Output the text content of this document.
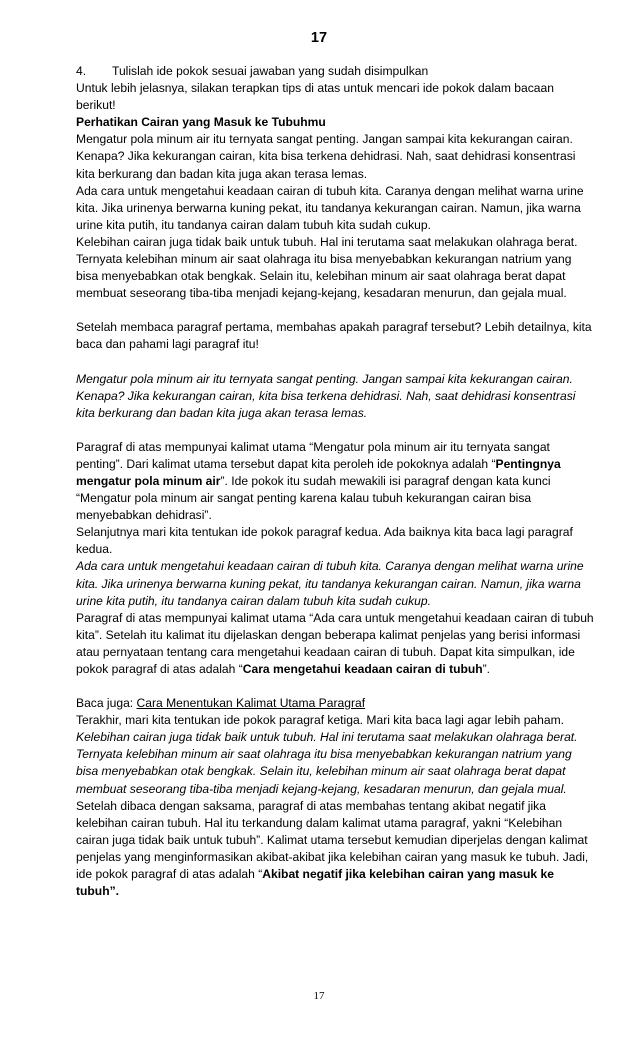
17

4. Tulislah ide pokok sesuai jawaban yang sudah disimpulkan

Untuk lebih jelasnya, silakan terapkan tips di atas untuk mencari ide pokok dalam bacaan berikut!

Perhatikan Cairan yang Masuk ke Tubuhmu

Mengatur pola minum air itu ternyata sangat penting. Jangan sampai kita kekurangan cairan. Kenapa? Jika kekurangan cairan, kita bisa terkena dehidrasi. Nah, saat dehidrasi konsentrasi kita berkurang dan badan kita juga akan terasa lemas.

Ada cara untuk mengetahui keadaan cairan di tubuh kita. Caranya dengan melihat warna urine kita. Jika urinenya berwarna kuning pekat, itu tandanya kekurangan cairan. Namun, jika warna urine kita putih, itu tandanya cairan dalam tubuh kita sudah cukup.

Kelebihan cairan juga tidak baik untuk tubuh. Hal ini terutama saat melakukan olahraga berat. Ternyata kelebihan minum air saat olahraga itu bisa menyebabkan kekurangan natrium yang bisa menyebabkan otak bengkak. Selain itu, kelebihan minum air saat olahraga berat dapat membuat seseorang tiba-tiba menjadi kejang-kejang, kesadaran menurun, dan gejala mual.

Setelah membaca paragraf pertama, membahas apakah paragraf tersebut? Lebih detailnya, kita baca dan pahami lagi paragraf itu!

Mengatur pola minum air itu ternyata sangat penting. Jangan sampai kita kekurangan cairan. Kenapa? Jika kekurangan cairan, kita bisa terkena dehidrasi. Nah, saat dehidrasi konsentrasi kita berkurang dan badan kita juga akan terasa lemas.

Paragraf di atas mempunyai kalimat utama “Mengatur pola minum air itu ternyata sangat penting”. Dari kalimat utama tersebut dapat kita peroleh ide pokoknya adalah “Pentingnya mengatur pola minum air”. Ide pokok itu sudah mewakili isi paragraf dengan kata kunci “Mengatur pola minum air sangat penting karena kalau tubuh kekurangan cairan bisa menyebabkan dehidrasi”.

Selanjutnya mari kita tentukan ide pokok paragraf kedua. Ada baiknya kita baca lagi paragraf kedua.

Ada cara untuk mengetahui keadaan cairan di tubuh kita. Caranya dengan melihat warna urine kita. Jika urinenya berwarna kuning pekat, itu tandanya kekurangan cairan. Namun, jika warna urine kita putih, itu tandanya cairan dalam tubuh kita sudah cukup.

Paragraf di atas mempunyai kalimat utama “Ada cara untuk mengetahui keadaan cairan di tubuh kita”. Setelah itu kalimat itu dijelaskan dengan beberapa kalimat penjelas yang berisi informasi atau pernyataan tentang cara mengetahui keadaan cairan di tubuh. Dapat kita simpulkan, ide pokok paragraf di atas adalah “Cara mengetahui keadaan cairan di tubuh”.

Baca juga: Cara Menentukan Kalimat Utama Paragraf

Terakhir, mari kita tentukan ide pokok paragraf ketiga. Mari kita baca lagi agar lebih paham.

Kelebihan cairan juga tidak baik untuk tubuh. Hal ini terutama saat melakukan olahraga berat. Ternyata kelebihan minum air saat olahraga itu bisa menyebabkan kekurangan natrium yang bisa menyebabkan otak bengkak. Selain itu, kelebihan minum air saat olahraga berat dapat membuat seseorang tiba-tiba menjadi kejang-kejang, kesadaran menurun, dan gejala mual.

Setelah dibaca dengan saksama, paragraf di atas membahas tentang akibat negatif jika kelebihan cairan tubuh. Hal itu terkandung dalam kalimat utama paragraf, yakni “Kelebihan cairan juga tidak baik untuk tubuh”. Kalimat utama tersebut kemudian diperjelas dengan kalimat penjelas yang menginformasikan akibat-akibat jika kelebihan cairan yang masuk ke tubuh. Jadi, ide pokok paragraf di atas adalah “Akibat negatif jika kelebihan cairan yang masuk ke tubuh”.

17
